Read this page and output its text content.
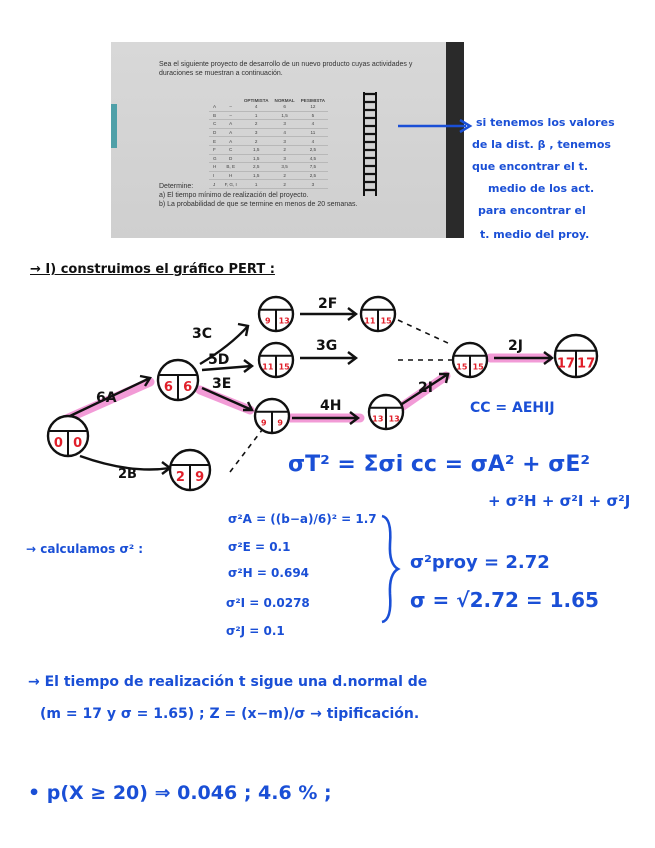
Sea el siguiente proyecto de desarrollo de un nuevo producto cuyas actividades y duraciones se muestran a continuación.
		OPTIMISTA	NORMAL	PESIMISTA
A	–	4	6	12
B	–	1	1,5	5
C	A	2	3	4
D	A	3	4	11
E	A	2	3	4
F	C	1,5	2	2,5
G	D	1,5	3	4,5
H	B, E	2,5	3,5	7,5
I	H	1,5	2	2,5
J	F, G, I	1	2	3
Determine:
a) El tiempo mínimo de realización del proyecto.
b) La probabilidad de que se termine en menos de 20 semanas.
si tenemos los valores
de la dist. β , tenemos
que encontrar el t.
medio de los act.
para encontrar el
t. medio del proy.
→ I) construimos el gráfico PERT :
6A
3C
5D
3E
2B
2F
3G
4H
2I
2J
0 0
6 6
2 9
9 13
11 15
9 9
11 15
13 13
15 15	17 17
CC = AEHIJ
σT² = Σσi cc = σA² + σE²
+ σ²H + σ²I + σ²J
→ calculamos σ² :
σ²A = ((b−a)/6)² = 1.7
σ²E = 0.1
σ²H = 0.694
σ²I = 0.0278
σ²J = 0.1
σ²proy = 2.72
σ = √2.72 = 1.65
→ El tiempo de realización t sigue una d.normal de
(m = 17 y σ = 1.65) ; Z = (x−m)/σ → tipificación.
• p(X ≥ 20) ⇒ 0.046 ; 4.6 % ;
